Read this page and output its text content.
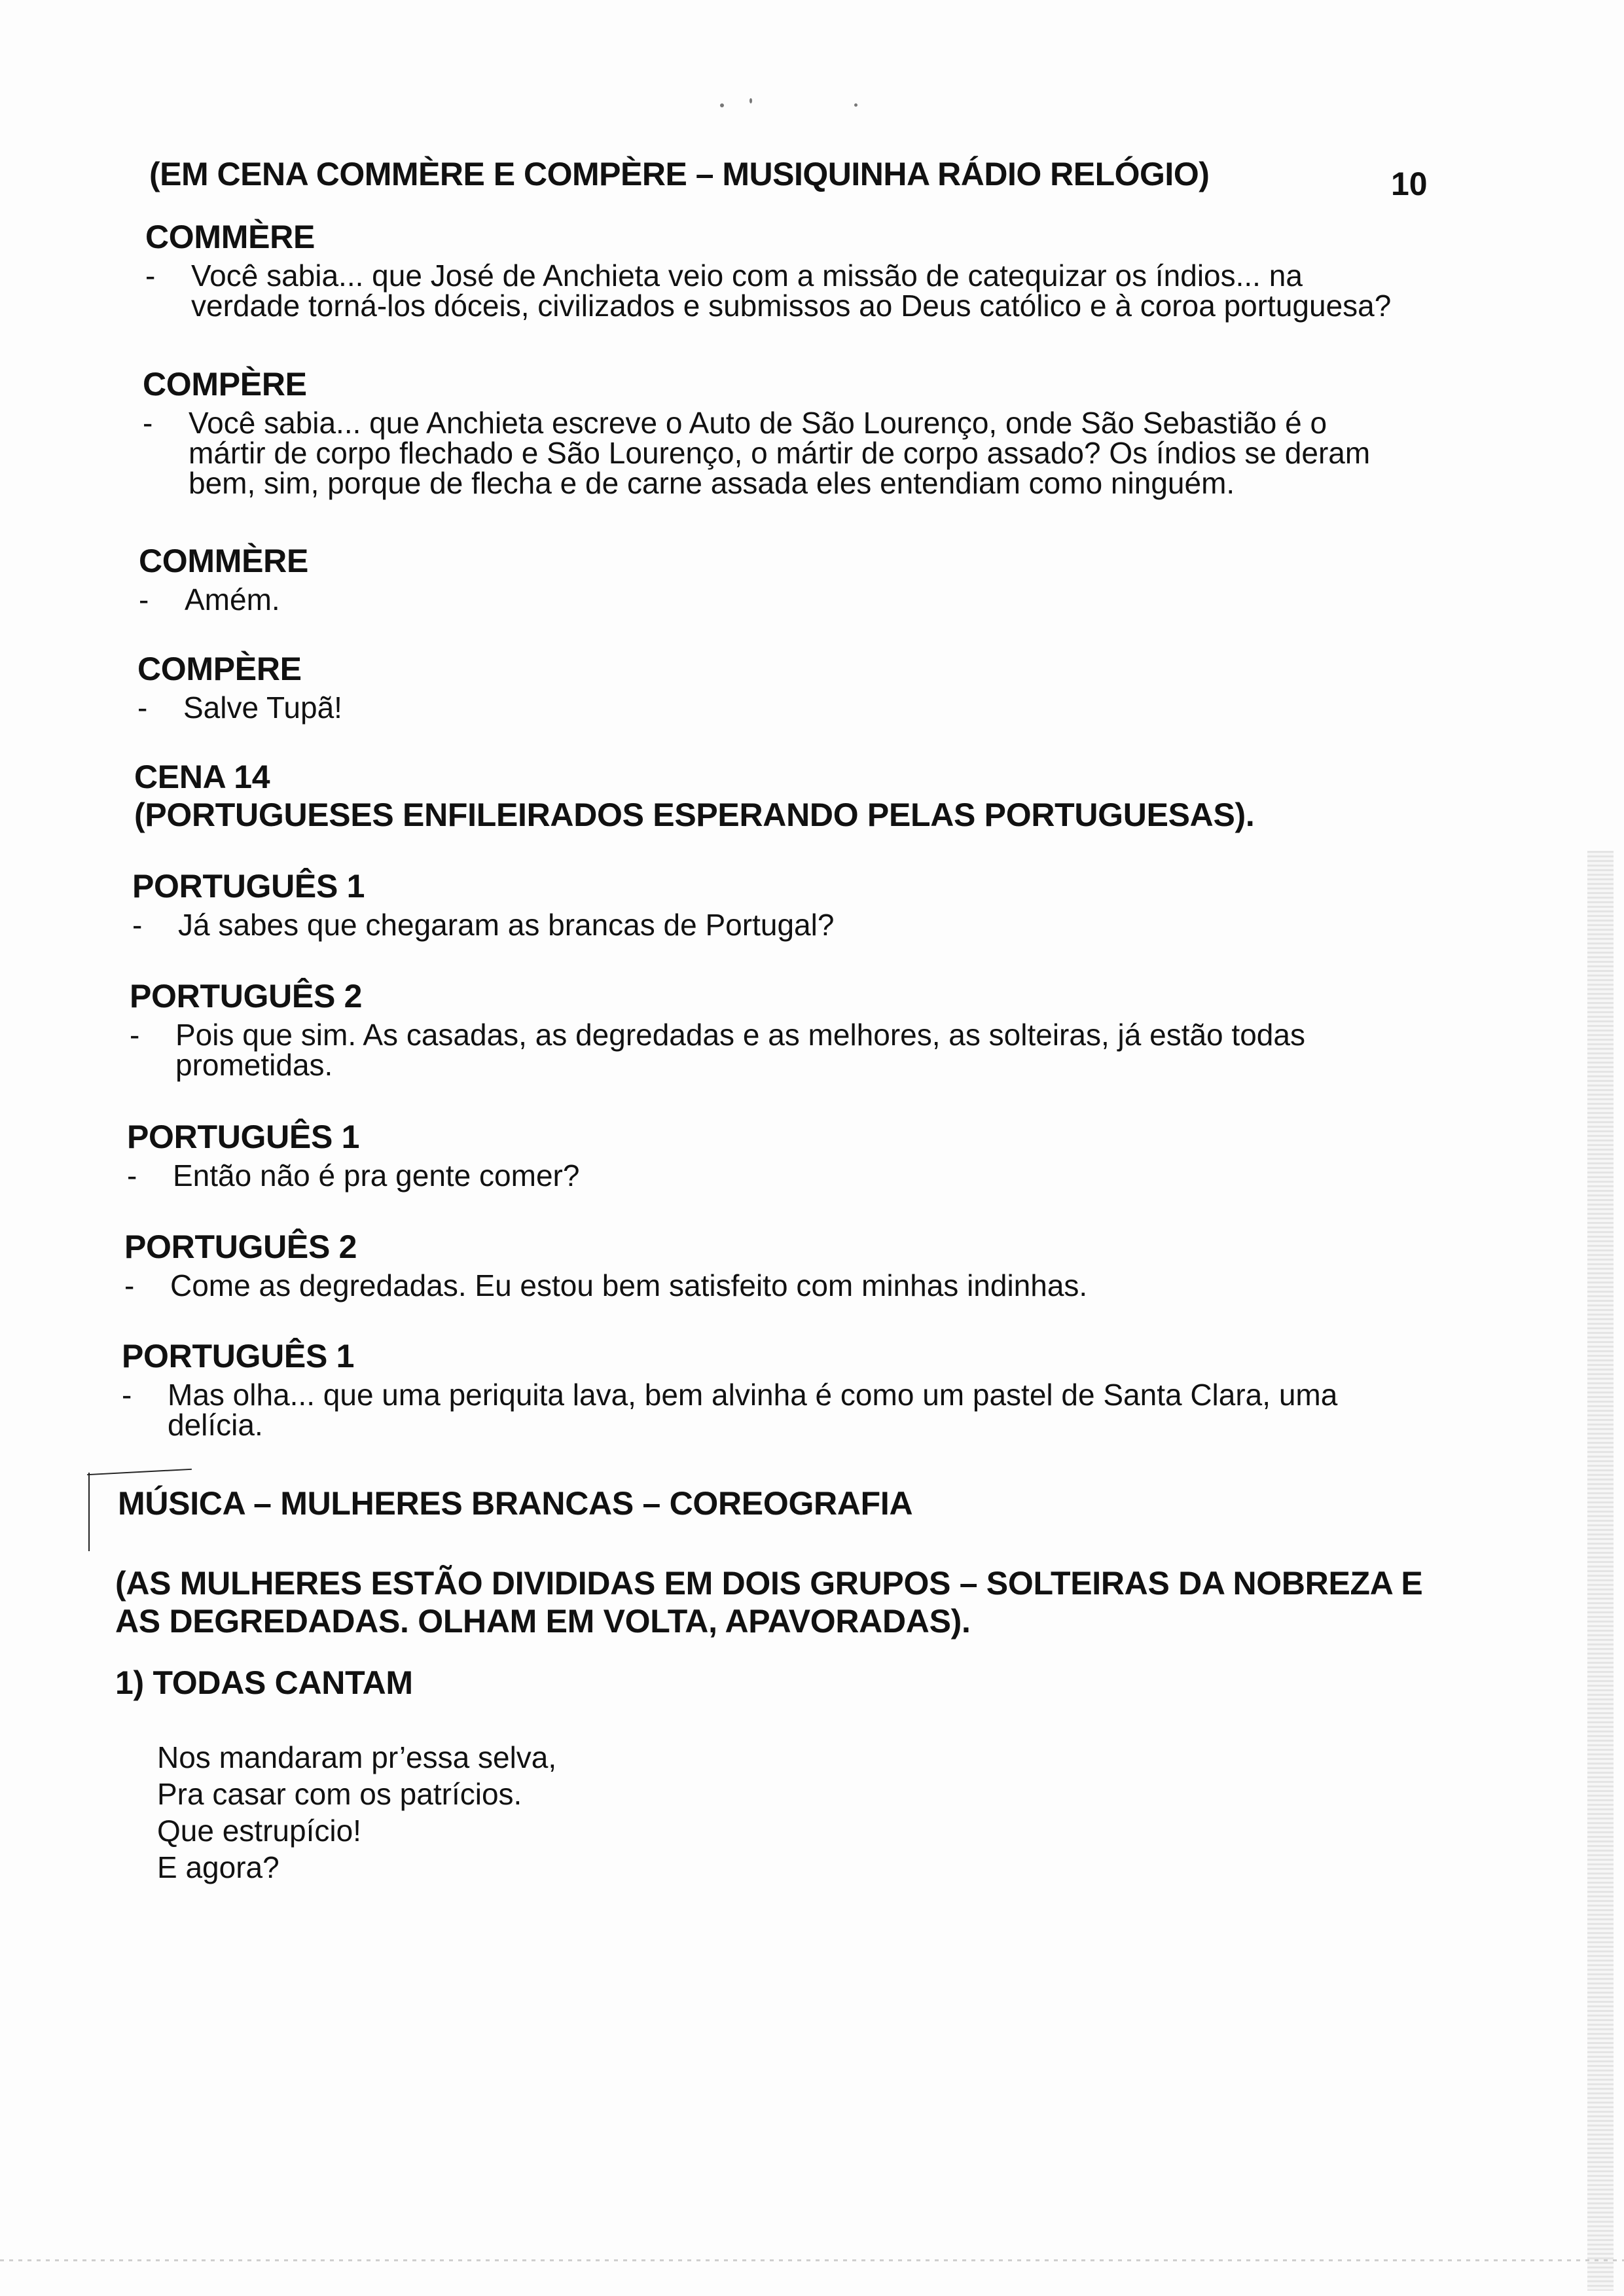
(EM CENA COMMÈRE E COMPÈRE – MUSIQUINHA RÁDIO RELÓGIO)	10
COMMÈRE
- Você sabia... que José de Anchieta veio com a missão de catequizar os índios... na
verdade torná-los dóceis, civilizados e submissos ao Deus católico e à coroa portuguesa?
COMPÈRE
- Você sabia... que Anchieta escreve o Auto de São Lourenço, onde São Sebastião é o
mártir de corpo flechado e São Lourenço, o mártir de corpo assado? Os índios se deram
bem, sim, porque de flecha e de carne assada eles entendiam como ninguém.
COMMÈRE
- Amém.
COMPÈRE
- Salve Tupã!
CENA 14
(PORTUGUESES ENFILEIRADOS ESPERANDO PELAS PORTUGUESAS).
PORTUGUÊS 1
- Já sabes que chegaram as brancas de Portugal?
PORTUGUÊS 2
- Pois que sim. As casadas, as degredadas e as melhores, as solteiras, já estão todas
prometidas.
PORTUGUÊS 1
- Então não é pra gente comer?
PORTUGUÊS 2
- Come as degredadas. Eu estou bem satisfeito com minhas indinhas.
PORTUGUÊS 1
- Mas olha... que uma periquita lava, bem alvinha é como um pastel de Santa Clara, uma
delícia.
MÚSICA – MULHERES BRANCAS – COREOGRAFIA
(AS MULHERES ESTÃO DIVIDIDAS EM DOIS GRUPOS – SOLTEIRAS DA NOBREZA E
AS DEGREDADAS. OLHAM EM VOLTA, APAVORADAS).
1) TODAS CANTAM
Nos mandaram pr’essa selva,
Pra casar com os patrícios.
Que estrupício!
E agora?
